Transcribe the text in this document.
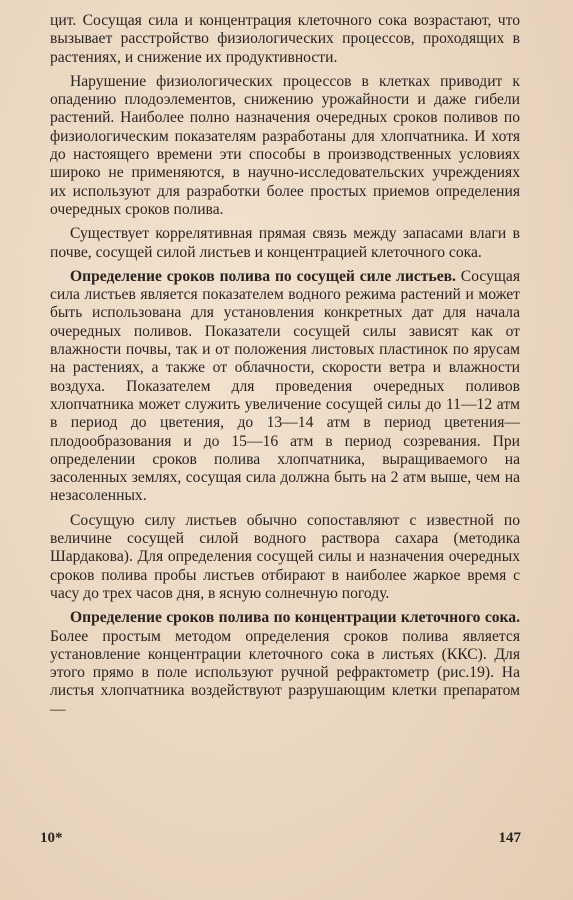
цит. Сосущая сила и концентрация клеточного сока возрастают, что вызывает расстройство физиологических процессов, проходящих в растениях, и снижение их продуктивности.

Нарушение физиологических процессов в клетках приводит к опадению плодоэлементов, снижению урожайности и даже гибели растений. Наиболее полно назначения очередных сроков поливов по физиологическим показателям разработаны для хлопчатника. И хотя до настоящего времени эти способы в производственных условиях широко не применяются, в научно-исследовательских учреждениях их используют для разработки более простых приемов определения очередных сроков полива.

Существует коррелятивная прямая связь между запасами влаги в почве, сосущей силой листьев и концентрацией клеточного сока.

Определение сроков полива по сосущей силе листьев. Сосущая сила листьев является показателем водного режима растений и может быть использована для установления конкретных дат для начала очередных поливов. Показатели сосущей силы зависят как от влажности почвы, так и от положения листовых пластинок по ярусам на растениях, а также от облачности, скорости ветра и влажности воздуха. Показателем для проведения очередных поливов хлопчатника может служить увеличение сосущей силы до 11—12 атм в период до цветения, до 13—14 атм в период цветения—плодообразования и до 15—16 атм в период созревания. При определении сроков полива хлопчатника, выращиваемого на засоленных землях, сосущая сила должна быть на 2 атм выше, чем на незасоленных.

Сосущую силу листьев обычно сопоставляют с известной по величине сосущей силой водного раствора сахара (методика Шардакова). Для определения сосущей силы и назначения очередных сроков полива пробы листьев отбирают в наиболее жаркое время с часу до трех часов дня, в ясную солнечную погоду.

Определение сроков полива по концентрации клеточного сока. Более простым методом определения сроков полива является установление концентрации клеточного сока в листьях (ККС). Для этого прямо в поле используют ручной рефрактометр (рис.19). На листья хлопчатника воздействуют разрушающим клетки препаратом—

10*	147
